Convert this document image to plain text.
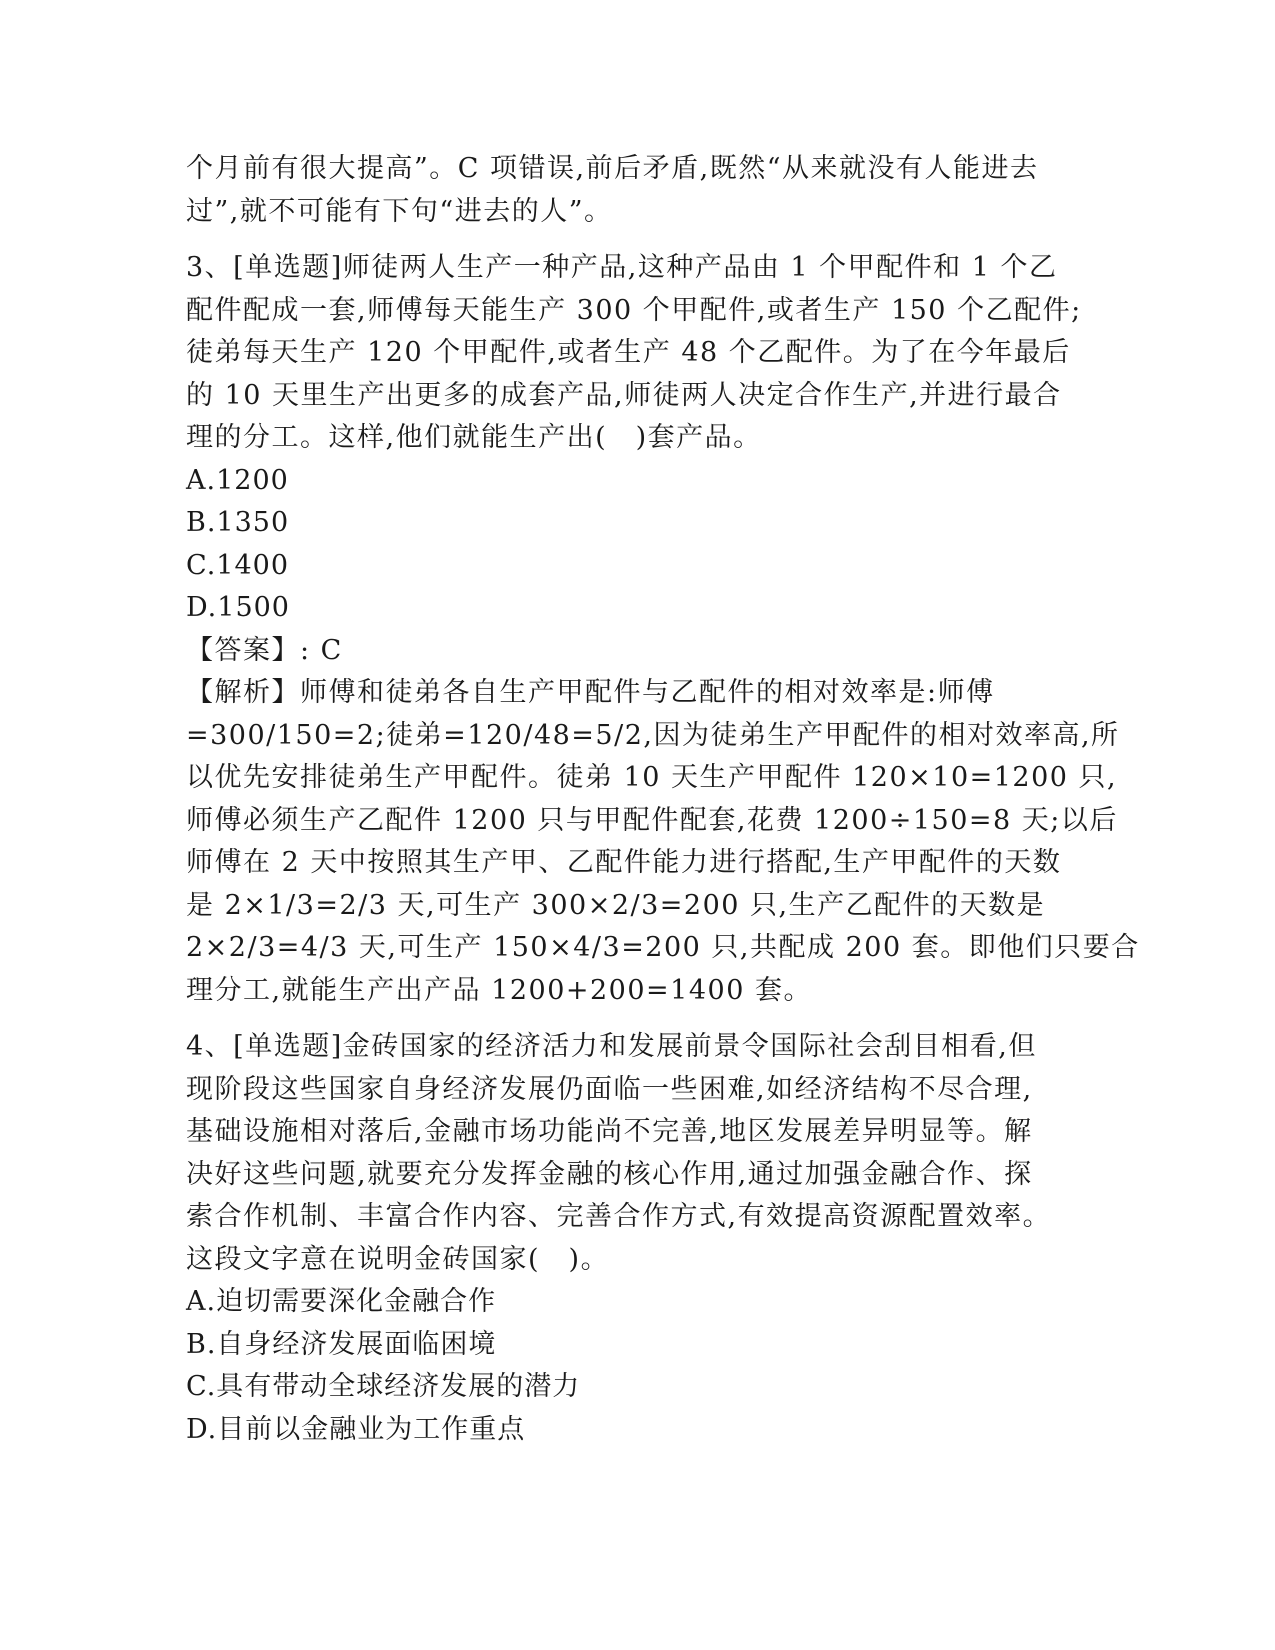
个月前有很大提高”。C 项错误,前后矛盾,既然“从来就没有人能进去
过”,就不可能有下句“进去的人”。
3、[单选题]师徒两人生产一种产品,这种产品由 1 个甲配件和 1 个乙
配件配成一套,师傅每天能生产 300 个甲配件,或者生产 150 个乙配件;
徒弟每天生产 120 个甲配件,或者生产 48 个乙配件。为了在今年最后
的 10 天里生产出更多的成套产品,师徒两人决定合作生产,并进行最合
理的分工。这样,他们就能生产出(　)套产品。
A.1200
B.1350
C.1400
D.1500
【答案】: C
【解析】师傅和徒弟各自生产甲配件与乙配件的相对效率是:师傅
=300/150=2;徒弟=120/48=5/2,因为徒弟生产甲配件的相对效率高,所
以优先安排徒弟生产甲配件。徒弟 10 天生产甲配件 120×10=1200 只,
师傅必须生产乙配件 1200 只与甲配件配套,花费 1200÷150=8 天;以后
师傅在 2 天中按照其生产甲、乙配件能力进行搭配,生产甲配件的天数
是 2×1/3=2/3 天,可生产 300×2/3=200 只,生产乙配件的天数是
2×2/3=4/3 天,可生产 150×4/3=200 只,共配成 200 套。即他们只要合
理分工,就能生产出产品 1200+200=1400 套。
4、[单选题]金砖国家的经济活力和发展前景令国际社会刮目相看,但
现阶段这些国家自身经济发展仍面临一些困难,如经济结构不尽合理,
基础设施相对落后,金融市场功能尚不完善,地区发展差异明显等。解
决好这些问题,就要充分发挥金融的核心作用,通过加强金融合作、探
索合作机制、丰富合作内容、完善合作方式,有效提高资源配置效率。
这段文字意在说明金砖国家(　)。
A.迫切需要深化金融合作
B.自身经济发展面临困境
C.具有带动全球经济发展的潜力
D.目前以金融业为工作重点
